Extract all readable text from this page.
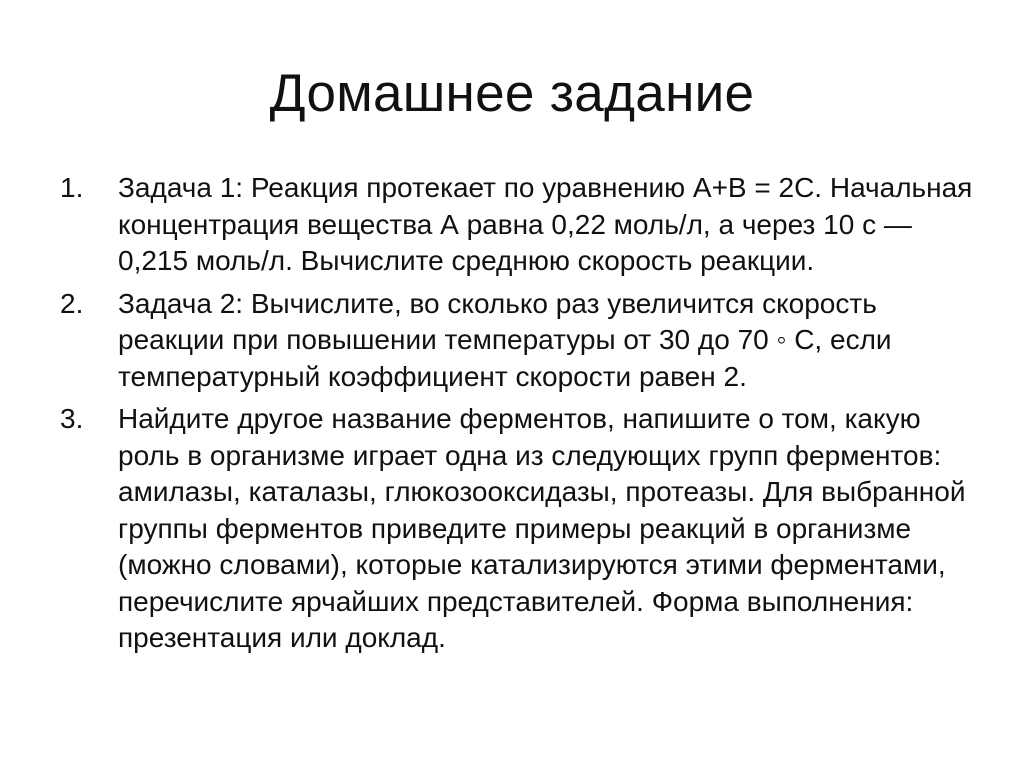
Домашнее задание
1.	Задача 1: Реакция протекает по уравнению А+В = 2С. Начальная концентрация вещества А равна 0,22 моль/л, а через 10 с — 0,215 моль/л. Вычислите среднюю скорость реакции.
2.	Задача 2: Вычислите, во сколько раз увеличится скорость реакции при повышении температуры от 30 до 70 ◦ С, если температурный коэффициент скорости равен 2.
3.	Найдите другое название ферментов, напишите о том, какую роль в организме играет одна из следующих групп ферментов: амилазы, каталазы, глюкозооксидазы, протеазы. Для выбранной группы ферментов приведите примеры реакций в организме (можно словами), которые катализируются этими ферментами, перечислите ярчайших представителей. Форма выполнения: презентация или доклад.
